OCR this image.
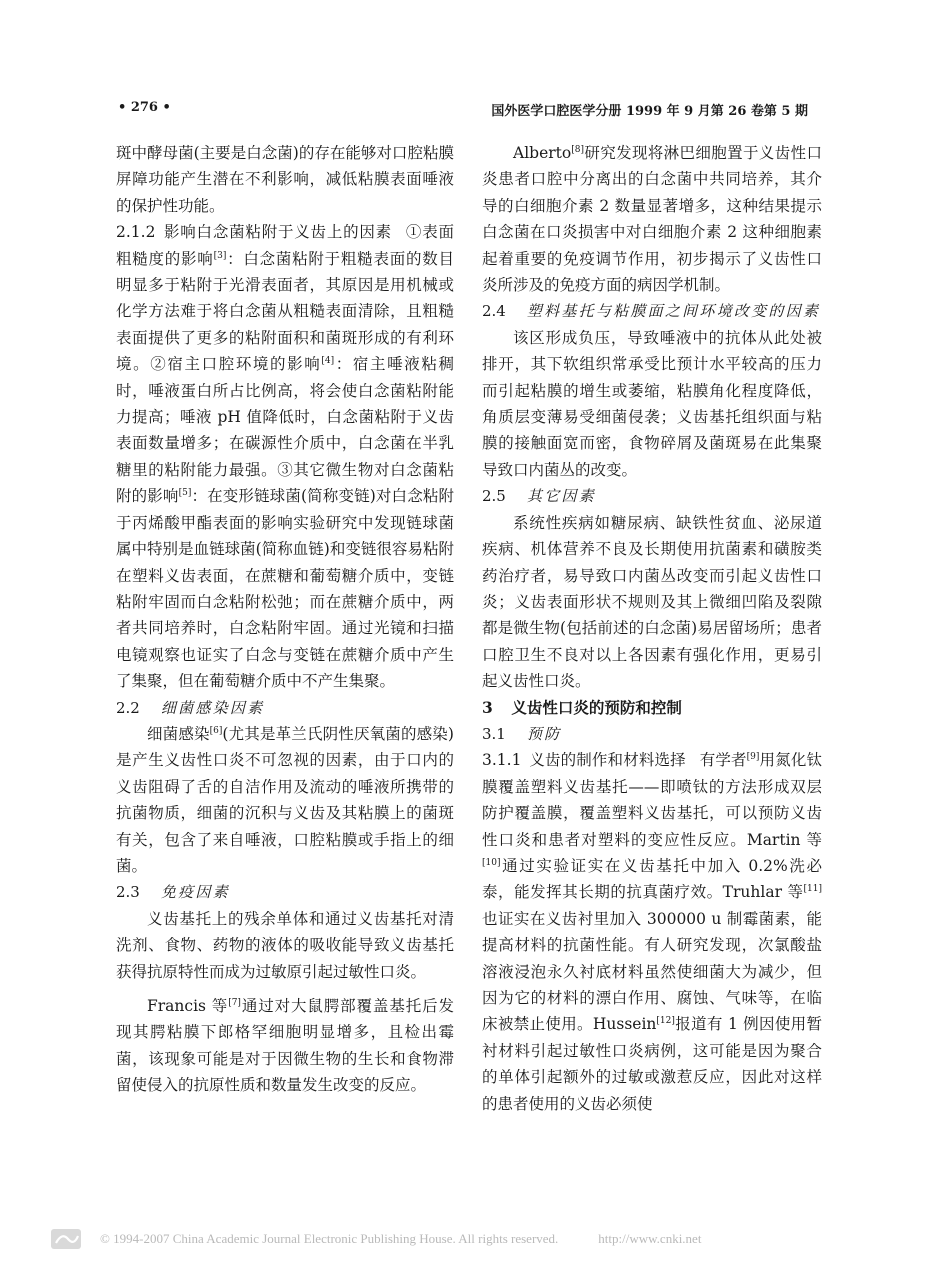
• 276 •	国外医学口腔医学分册 1999 年 9 月第 26 卷第 5 期

斑中酵母菌(主要是白念菌)的存在能够对口腔粘膜屏障功能产生潜在不利影响，减低粘膜表面唾液的保护性功能。

2.1.2 影响白念菌粘附于义齿上的因素 ①表面粗糙度的影响[3]：白念菌粘附于粗糙表面的数目明显多于粘附于光滑表面者，其原因是用机械或化学方法难于将白念菌从粗糙表面清除，且粗糙表面提供了更多的粘附面积和菌斑形成的有利环境。②宿主口腔环境的影响[4]：宿主唾液粘稠时，唾液蛋白所占比例高，将会使白念菌粘附能力提高；唾液 pH 值降低时，白念菌粘附于义齿表面数量增多；在碳源性介质中，白念菌在半乳糖里的粘附能力最强。③其它微生物对白念菌粘附的影响[5]：在变形链球菌(简称变链)对白念粘附于丙烯酸甲酯表面的影响实验研究中发现链球菌属中特别是血链球菌(简称血链)和变链很容易粘附在塑料义齿表面，在蔗糖和葡萄糖介质中，变链粘附牢固而白念粘附松弛；而在蔗糖介质中，两者共同培养时，白念粘附牢固。通过光镜和扫描电镜观察也证实了白念与变链在蔗糖介质中产生了集聚，但在葡萄糖介质中不产生集聚。

2.2 细菌感染因素

细菌感染[6](尤其是革兰氏阴性厌氧菌的感染)是产生义齿性口炎不可忽视的因素，由于口内的义齿阻碍了舌的自洁作用及流动的唾液所携带的抗菌物质，细菌的沉积与义齿及其粘膜上的菌斑有关，包含了来自唾液，口腔粘膜或手指上的细菌。

2.3 免疫因素

义齿基托上的残余单体和通过义齿基托对清洗剂、食物、药物的液体的吸收能导致义齿基托获得抗原特性而成为过敏原引起过敏性口炎。

Francis 等[7]通过对大鼠腭部覆盖基托后发现其腭粘膜下郎格罕细胞明显增多，且检出霉菌，该现象可能是对于因微生物的生长和食物滞留使侵入的抗原性质和数量发生改变的反应。

Alberto[8]研究发现将淋巴细胞置于义齿性口炎患者口腔中分离出的白念菌中共同培养，其介导的白细胞介素 2 数量显著增多，这种结果提示白念菌在口炎损害中对白细胞介素 2 这种细胞素起着重要的免疫调节作用，初步揭示了义齿性口炎所涉及的免疫方面的病因学机制。

2.4 塑料基托与粘膜面之间环境改变的因素

该区形成负压，导致唾液中的抗体从此处被排开，其下软组织常承受比预计水平较高的压力而引起粘膜的增生或萎缩，粘膜角化程度降低，角质层变薄易受细菌侵袭；义齿基托组织面与粘膜的接触面宽而密，食物碎屑及菌斑易在此集聚导致口内菌丛的改变。

2.5 其它因素

系统性疾病如糖尿病、缺铁性贫血、泌尿道疾病、机体营养不良及长期使用抗菌素和磺胺类药治疗者，易导致口内菌丛改变而引起义齿性口炎；义齿表面形状不规则及其上微细凹陷及裂隙都是微生物(包括前述的白念菌)易居留场所；患者口腔卫生不良对以上各因素有强化作用，更易引起义齿性口炎。

3 义齿性口炎的预防和控制

3.1 预防

3.1.1 义齿的制作和材料选择 有学者[9]用氮化钛膜覆盖塑料义齿基托——即喷钛的方法形成双层防护覆盖膜，覆盖塑料义齿基托，可以预防义齿性口炎和患者对塑料的变应性反应。Martin 等[10]通过实验证实在义齿基托中加入 0.2%洗必泰，能发挥其长期的抗真菌疗效。Truhlar 等[11]也证实在义齿衬里加入 300000 u 制霉菌素，能提高材料的抗菌性能。有人研究发现，次氯酸盐溶液浸泡永久衬底材料虽然使细菌大为减少，但因为它的材料的漂白作用、腐蚀、气味等，在临床被禁止使用。Hussein[12]报道有 1 例因使用暂衬材料引起过敏性口炎病例，这可能是因为聚合的单体引起额外的过敏或激惹反应，因此对这样的患者使用的义齿必须使

© 1994-2007 China Academic Journal Electronic Publishing House. All rights reserved.	http://www.cnki.net
